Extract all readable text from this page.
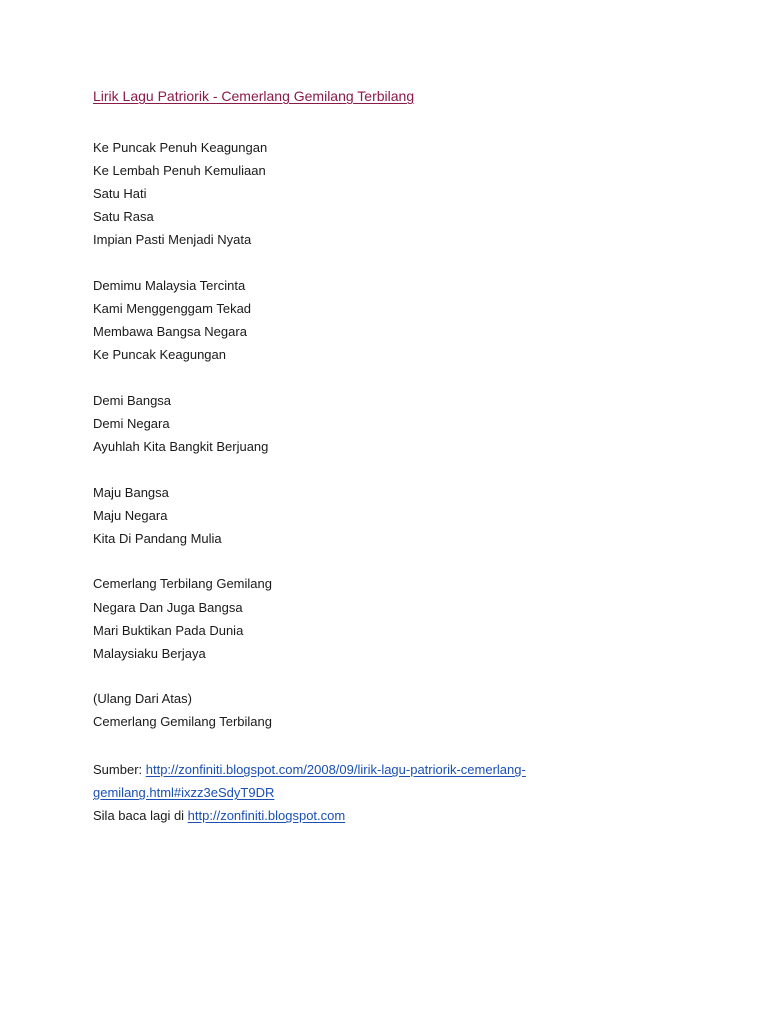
Lirik Lagu Patriorik - Cemerlang Gemilang Terbilang
Ke Puncak Penuh Keagungan
Ke Lembah Penuh Kemuliaan
Satu Hati
Satu Rasa
Impian Pasti Menjadi Nyata
Demimu Malaysia Tercinta
Kami Menggenggam Tekad
Membawa Bangsa Negara
Ke Puncak Keagungan
Demi Bangsa
Demi Negara
Ayuhlah Kita Bangkit Berjuang
Maju Bangsa
Maju Negara
Kita Di Pandang Mulia
Cemerlang Terbilang Gemilang
Negara Dan Juga Bangsa
Mari Buktikan Pada Dunia
Malaysiaku Berjaya
(Ulang Dari Atas)
Cemerlang Gemilang Terbilang
Sumber: http://zonfiniti.blogspot.com/2008/09/lirik-lagu-patriorik-cemerlang-
gemilang.html#ixzz3eSdyT9DR
Sila baca lagi di http://zonfiniti.blogspot.com
